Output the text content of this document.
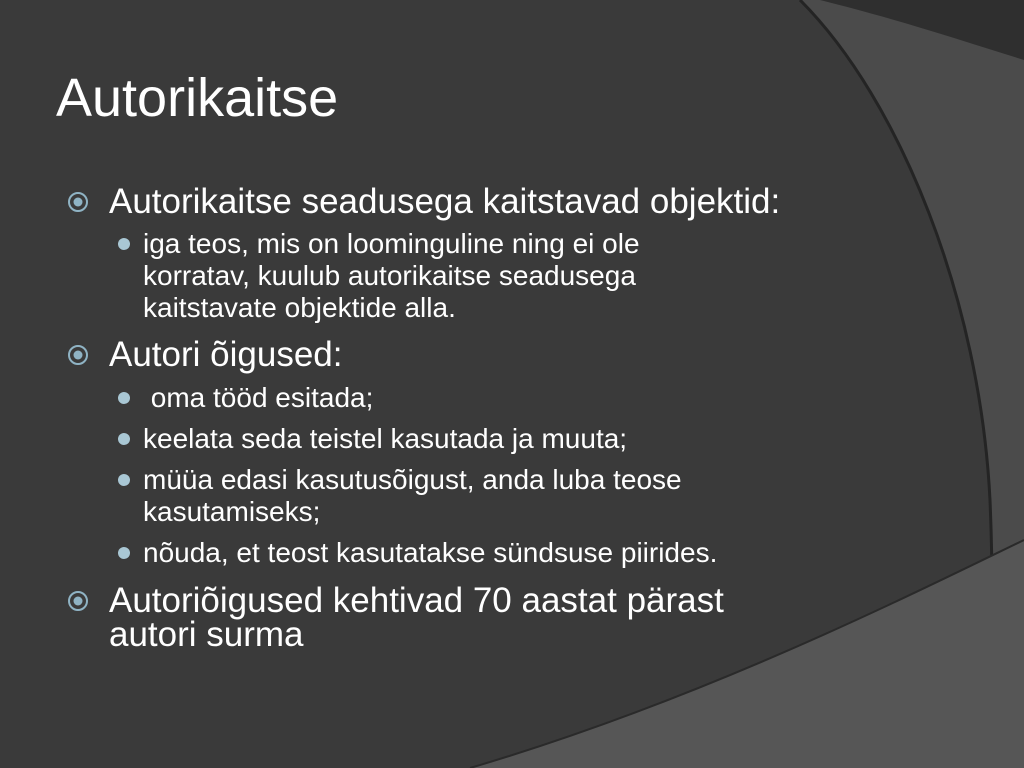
Autorikaitse
Autorikaitse seadusega kaitstavad objektid:
iga teos, mis on loominguline ning ei ole
korratav, kuulub autorikaitse seadusega
kaitstavate objektide alla.
Autori õigused:
oma tööd esitada;
keelata seda teistel kasutada ja muuta;
müüa edasi kasutusõigust, anda luba teose
kasutamiseks;
nõuda, et teost kasutatakse sündsuse piirides.
Autoriõigused kehtivad 70 aastat pärast
autori surma
